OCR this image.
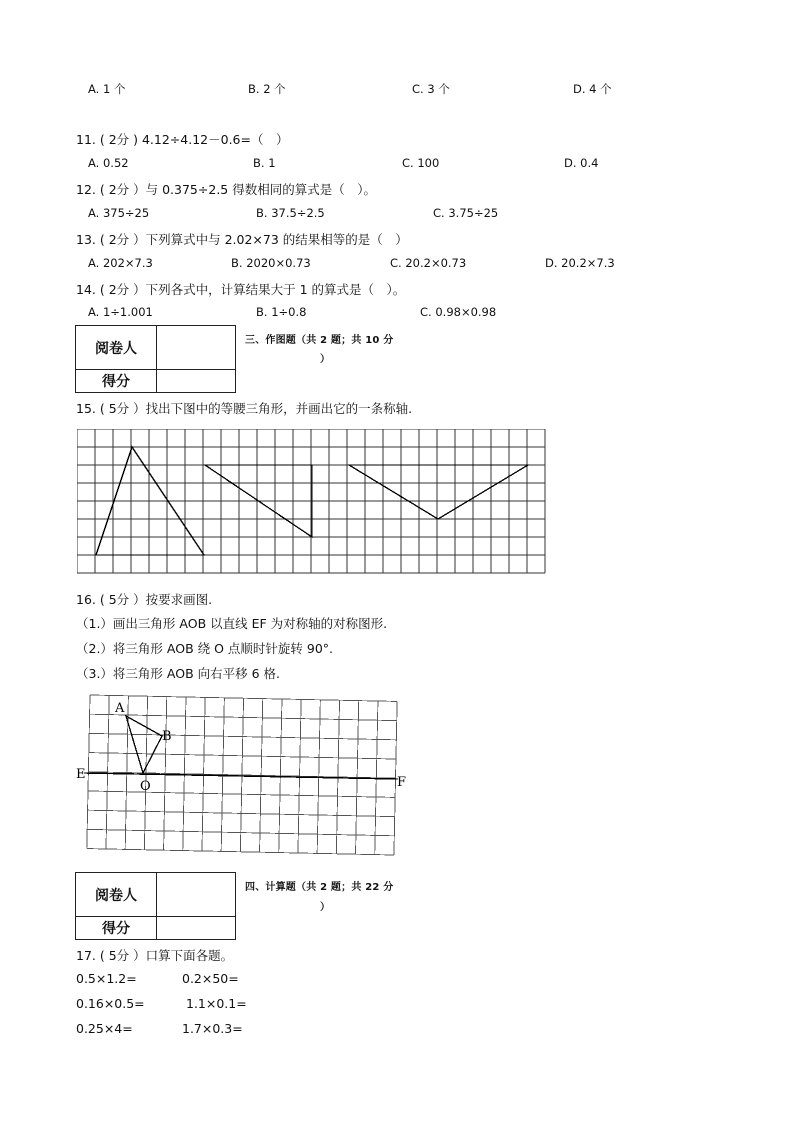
A. 1 个	B. 2 个	C. 3 个	D. 4 个
11. ( 2分 ) 4.12÷4.12－0.6=（　）
A. 0.52	B. 1	C. 100	D. 0.4
12. ( 2分 ）与 0.375÷2.5 得数相同的算式是（　）。
A. 375÷25	B. 37.5÷2.5	C. 3.75÷25
13. ( 2分 ）下列算式中与 2.02×73 的结果相等的是（　）
A. 202×7.3	B. 2020×0.73	C. 20.2×0.73	D. 20.2×7.3
14. ( 2分 ）下列各式中，计算结果大于 1 的算式是（　）。
A. 1÷1.001	B. 1÷0.8	C. 0.98×0.98
阅卷人	
得分	
三、作图题（共 2 题；共 10 分
）
15. ( 5分 ）找出下图中的等腰三角形，并画出它的一条称轴.
16. ( 5分 ）按要求画图.
（1.）画出三角形 AOB 以直线 EF 为对称轴的对称图形.
（2.）将三角形 AOB 绕 O 点顺时针旋转 90°.
（3.）将三角形 AOB 向右平移 6 格.
A
B
O
E
F
阅卷人	
得分	
四、计算题（共 2 题；共 22 分
）
17. ( 5分 ）口算下面各题。
0.5×1.2=	0.2×50=
0.16×0.5=	1.1×0.1=
0.25×4=	1.7×0.3=
